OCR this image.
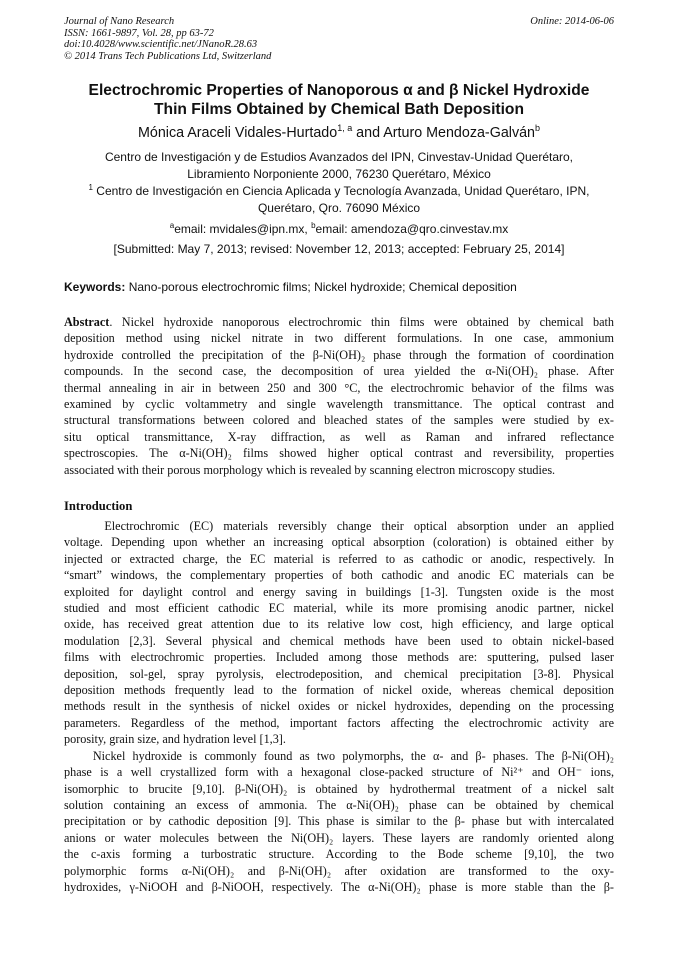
Journal of Nano Research
ISSN: 1661-9897, Vol. 28, pp 63-72
doi:10.4028/www.scientific.net/JNanoR.28.63
© 2014 Trans Tech Publications Ltd, Switzerland
Online: 2014-06-06
Electrochromic Properties of Nanoporous α and β Nickel Hydroxide
Thin Films Obtained by Chemical Bath Deposition
Mónica Araceli Vidales-Hurtado$^{1, a}$ and Arturo Mendoza-Galván$^b$
Centro de Investigación y de Estudios Avanzados del IPN, Cinvestav-Unidad Querétaro,
Libramiento Norponiente 2000, 76230 Querétaro, México
$^1$ Centro de Investigación en Ciencia Aplicada y Tecnología Avanzada, Unidad Querétaro, IPN,
Querétaro, Qro. 76090 México
$^a$email: mvidales@ipn.mx, $^b$email: amendoza@qro.cinvestav.mx
[Submitted: May 7, 2013; revised: November 12, 2013; accepted: February 25, 2014]
Keywords: Nano-porous electrochromic films; Nickel hydroxide; Chemical deposition
Abstract. Nickel hydroxide nanoporous electrochromic thin films were obtained by chemical bath
deposition method using nickel nitrate in two different formulations. In one case, ammonium
hydroxide controlled the precipitation of the β-Ni(OH)₂ phase through the formation of coordination
compounds. In the second case, the decomposition of urea yielded the α-Ni(OH)₂ phase. After
thermal annealing in air in between 250 and 300 °C, the electrochromic behavior of the films was
examined by cyclic voltammetry and single wavelength transmittance. The optical contrast and
structural transformations between colored and bleached states of the samples were studied by ex-
situ optical transmittance, X-ray diffraction, as well as Raman and infrared reflectance
spectroscopies. The α-Ni(OH)₂ films showed higher optical contrast and reversibility, properties
associated with their porous morphology which is revealed by scanning electron microscopy studies.
Introduction
Electrochromic (EC) materials reversibly change their optical absorption under an applied
voltage. Depending upon whether an increasing optical absorption (coloration) is obtained either by
injected or extracted charge, the EC material is referred to as cathodic or anodic, respectively. In
“smart” windows, the complementary properties of both cathodic and anodic EC materials can be
exploited for daylight control and energy saving in buildings [1-3]. Tungsten oxide is the most
studied and most efficient cathodic EC material, while its more promising anodic partner, nickel
oxide, has received great attention due to its relative low cost, high efficiency, and large optical
modulation [2,3]. Several physical and chemical methods have been used to obtain nickel-based
films with electrochromic properties. Included among those methods are: sputtering, pulsed laser
deposition, sol-gel, spray pyrolysis, electrodeposition, and chemical precipitation [3-8]. Physical
deposition methods frequently lead to the formation of nickel oxide, whereas chemical deposition
methods result in the synthesis of nickel oxides or nickel hydroxides, depending on the processing
parameters. Regardless of the method, important factors affecting the electrochromic activity are
porosity, grain size, and hydration level [1,3].
Nickel hydroxide is commonly found as two polymorphs, the α- and β- phases. The β-Ni(OH)₂
phase is a well crystallized form with a hexagonal close-packed structure of Ni²⁺ and OH⁻ ions,
isomorphic to brucite [9,10]. β-Ni(OH)₂ is obtained by hydrothermal treatment of a nickel salt
solution containing an excess of ammonia. The α-Ni(OH)₂ phase can be obtained by chemical
precipitation or by cathodic deposition [9]. This phase is similar to the β- phase but with intercalated
anions or water molecules between the Ni(OH)₂ layers. These layers are randomly oriented along
the c-axis forming a turbostratic structure. According to the Bode scheme [9,10], the two
polymorphic forms α-Ni(OH)₂ and β-Ni(OH)₂ after oxidation are transformed to the oxy-
hydroxides, γ-NiOOH and β-NiOOH, respectively. The α-Ni(OH)₂ phase is more stable than the β-
